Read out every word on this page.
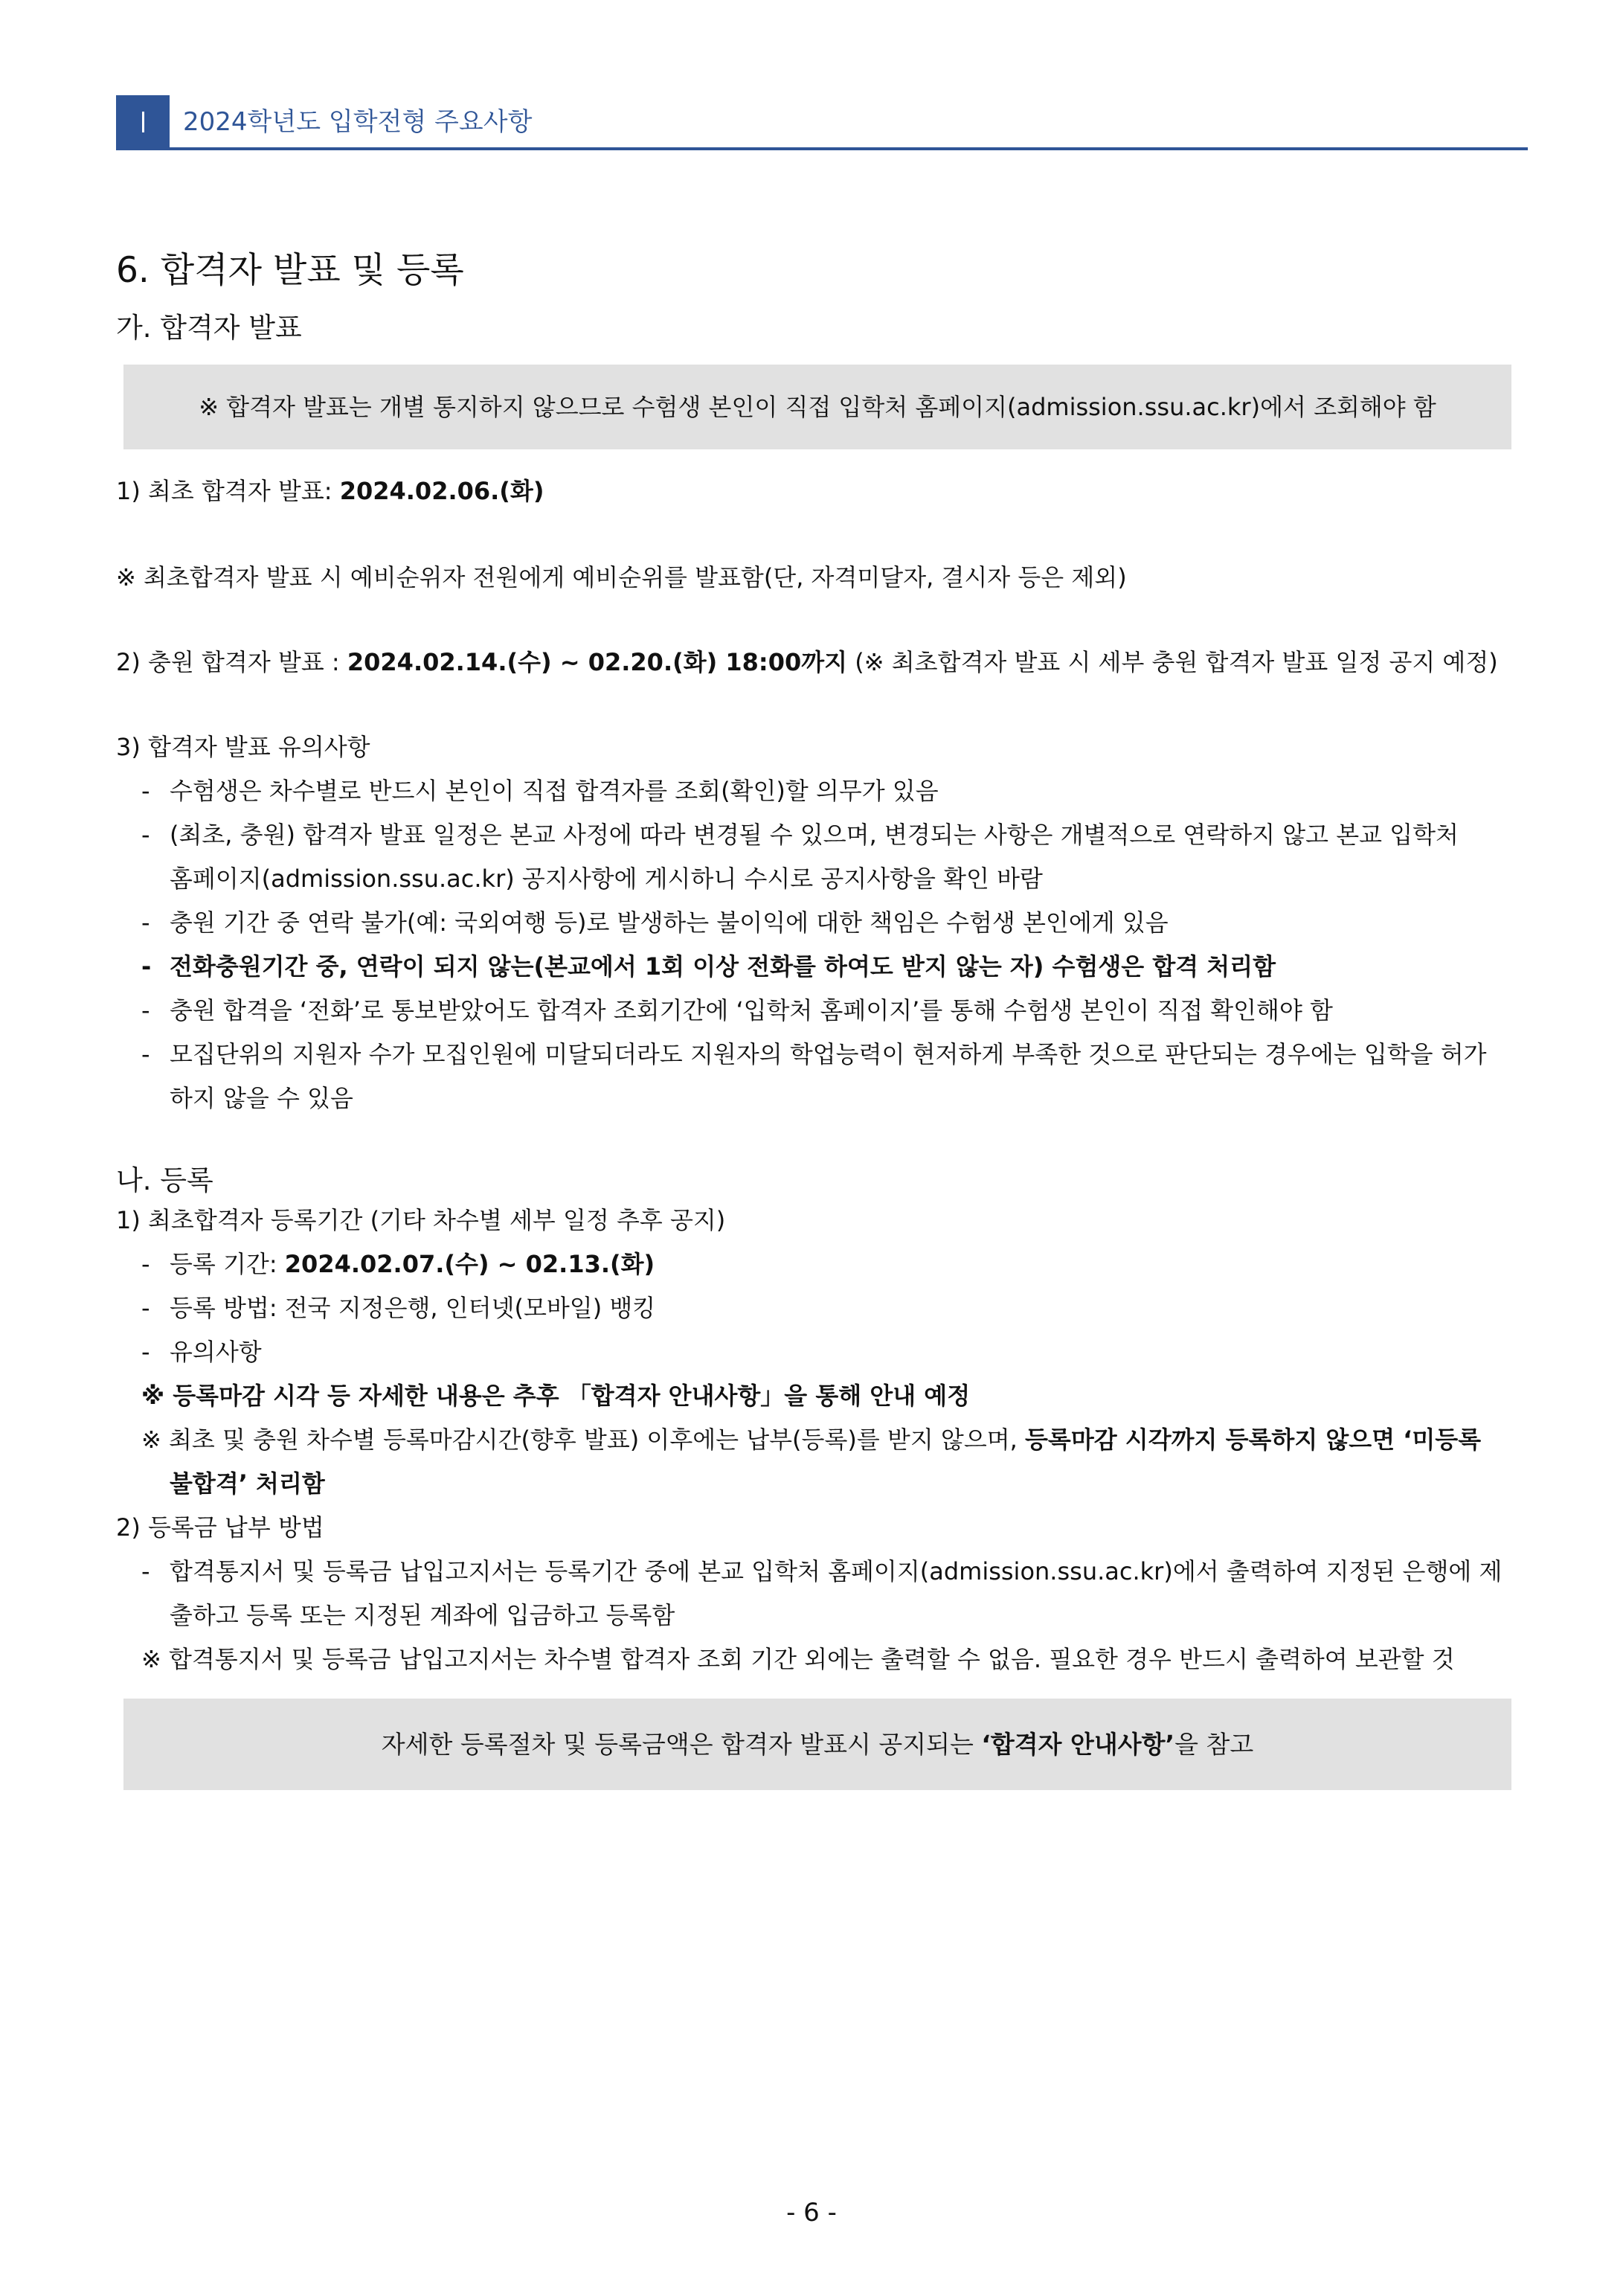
2024학년도 입학전형 주요사항
6. 합격자 발표 및 등록
가. 합격자 발표
※ 합격자 발표는 개별 통지하지 않으므로 수험생 본인이 직접 입학처 홈페이지(admission.ssu.ac.kr)에서 조회해야 함
1) 최초 합격자 발표: 2024.02.06.(화)
※ 최초합격자 발표 시 예비순위자 전원에게 예비순위를 발표함(단, 자격미달자, 결시자 등은 제외)
2) 충원 합격자 발표 : 2024.02.14.(수) ~ 02.20.(화) 18:00까지 (※ 최초합격자 발표 시 세부 충원 합격자 발표 일정 공지 예정)
3) 합격자 발표 유의사항
- 수험생은 차수별로 반드시 본인이 직접 합격자를 조회(확인)할 의무가 있음
- (최초, 충원) 합격자 발표 일정은 본교 사정에 따라 변경될 수 있으며, 변경되는 사항은 개별적으로 연락하지 않고 본교 입학처
홈페이지(admission.ssu.ac.kr) 공지사항에 게시하니 수시로 공지사항을 확인 바람
- 충원 기간 중 연락 불가(예: 국외여행 등)로 발생하는 불이익에 대한 책임은 수험생 본인에게 있음
- 전화충원기간 중, 연락이 되지 않는(본교에서 1회 이상 전화를 하여도 받지 않는 자) 수험생은 합격 처리함
- 충원 합격을 ‘전화’로 통보받았어도 합격자 조회기간에 ‘입학처 홈페이지’를 통해 수험생 본인이 직접 확인해야 함
- 모집단위의 지원자 수가 모집인원에 미달되더라도 지원자의 학업능력이 현저하게 부족한 것으로 판단되는 경우에는 입학을 허가
하지 않을 수 있음
나. 등록
1) 최초합격자 등록기간 (기타 차수별 세부 일정 추후 공지)
- 등록 기간: 2024.02.07.(수) ~ 02.13.(화)
- 등록 방법: 전국 지정은행, 인터넷(모바일) 뱅킹
- 유의사항
※ 등록마감 시각 등 자세한 내용은 추후 「합격자 안내사항」을 통해 안내 예정
※ 최초 및 충원 차수별 등록마감시간(향후 발표) 이후에는 납부(등록)를 받지 않으며, 등록마감 시각까지 등록하지 않으면 ‘미등록
불합격’ 처리함
2) 등록금 납부 방법
- 합격통지서 및 등록금 납입고지서는 등록기간 중에 본교 입학처 홈페이지(admission.ssu.ac.kr)에서 출력하여 지정된 은행에 제
출하고 등록 또는 지정된 계좌에 입금하고 등록함
※ 합격통지서 및 등록금 납입고지서는 차수별 합격자 조회 기간 외에는 출력할 수 없음. 필요한 경우 반드시 출력하여 보관할 것
자세한 등록절차 및 등록금액은 합격자 발표시 공지되는 ‘합격자 안내사항’을 참고
- 6 -
